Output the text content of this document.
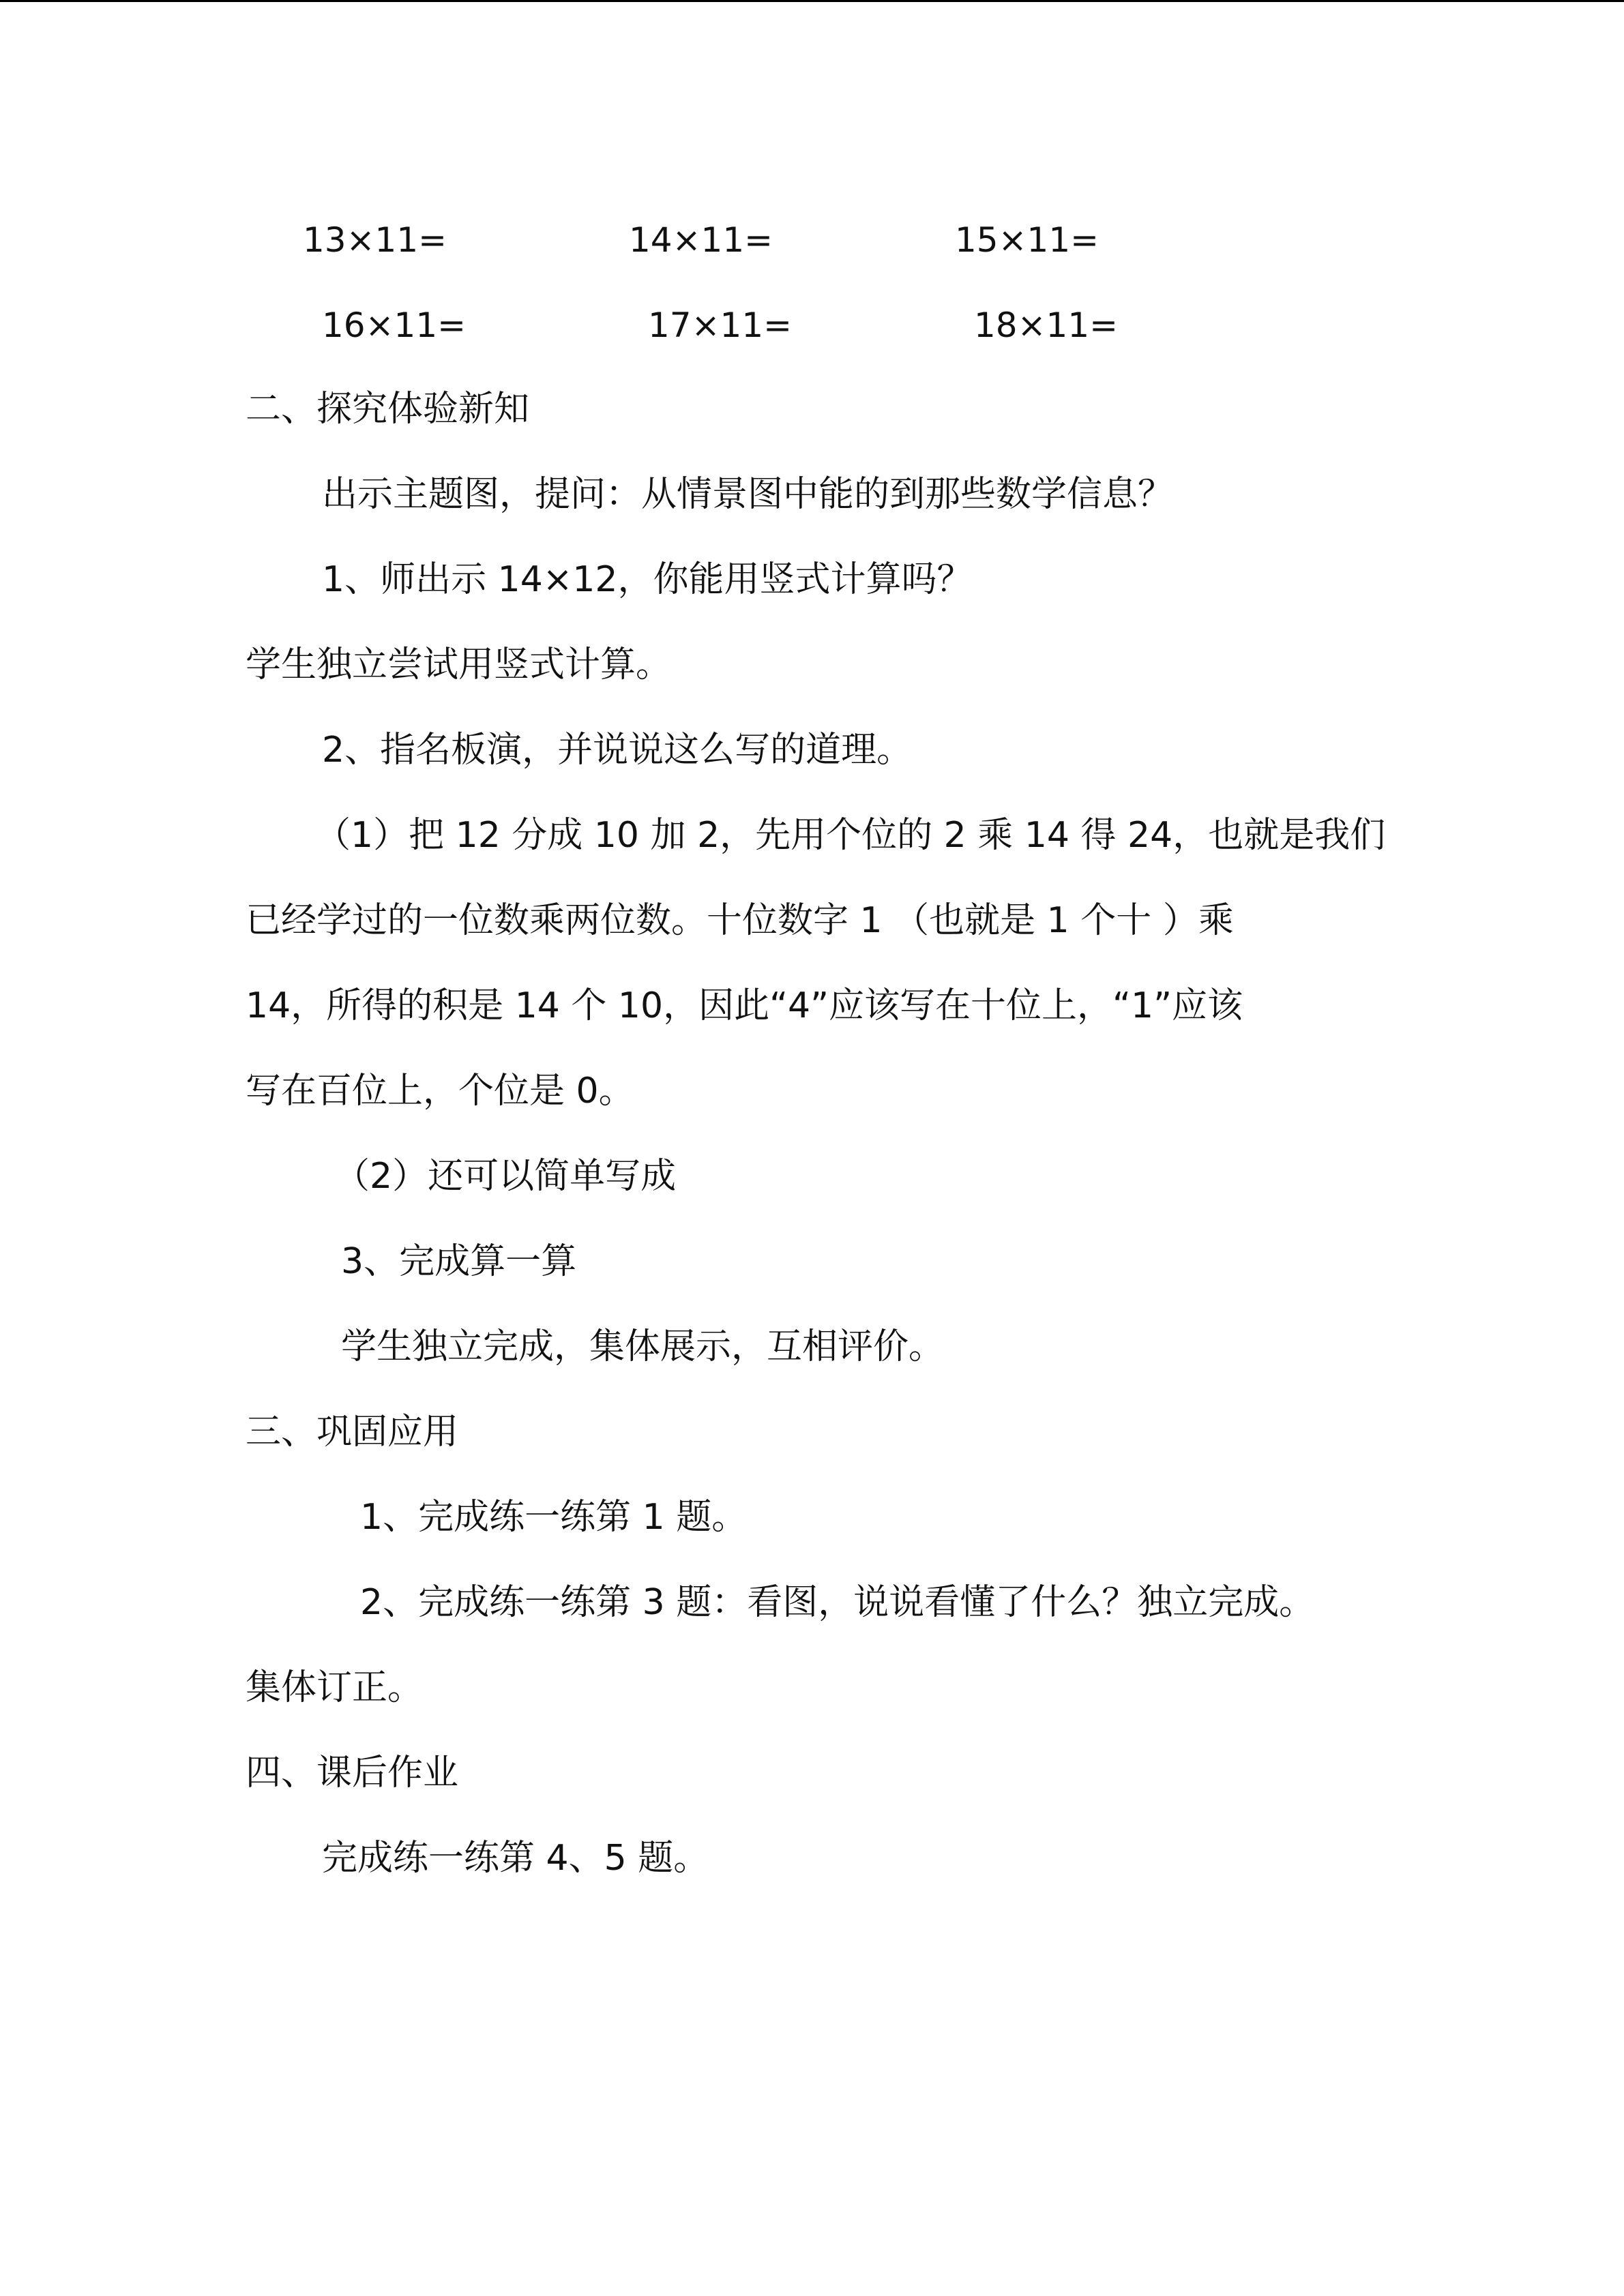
13×11=	14×11=	15×11=
16×11=	17×11=	18×11=
二、探究体验新知
出示主题图，提问：从情景图中能的到那些数学信息？
1、师出示 14×12，你能用竖式计算吗？
学生独立尝试用竖式计算。
2、指名板演，并说说这么写的道理。
（1）把 12 分成 10 加 2，先用个位的 2 乘 14 得 24，也就是我们
已经学过的一位数乘两位数。十位数字 1 （也就是 1 个十 ）乘
14，所得的积是 14 个 10，因此“4”应该写在十位上，“1”应该
写在百位上，个位是 0。
（2）还可以简单写成
3、完成算一算
学生独立完成，集体展示，互相评价。
三、巩固应用
1、完成练一练第 1 题。
2、完成练一练第 3 题：看图，说说看懂了什么？独立完成。
集体订正。
四、课后作业
完成练一练第 4、5 题。
